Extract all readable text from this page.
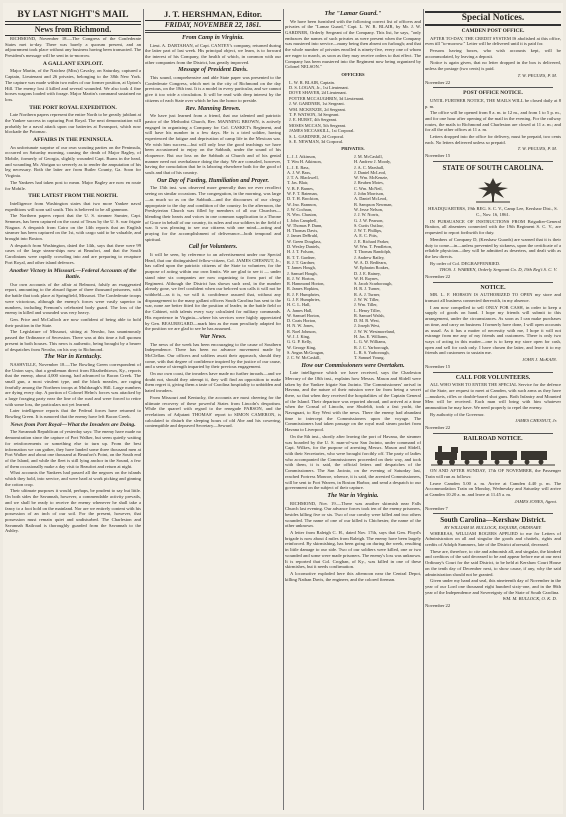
BY LAST NIGHT'S MAIL
News from Richmond.

RICHMOND, November 18.—The Congress of the Confederate States met to-day. There was barely a quorum present, and an adjournment took place without any business having been transacted. The President's message will be sent in to-morrow.

A GALLANT EXPLOIT.

Major Martin, of the Natchez (Miss) Cavalry, on Saturday, captured a Captain, Lieutenant and 26 privates, belonging to the 38th New York. The capture was made within two miles of our former position, at Upton's Hill. The enemy lost 4 killed and several wounded. We also took 4 fine horses wagons loaded with forage. Major Martin's command sustained no loss.

THE PORT ROYAL EXPEDITION.

Late Northern papers represent the entire North to be greatly jubilant at the Yankee success in capturing Port Royal. The next demonstration will probably be a naval attack upon our batteries at Evansport, which now blockade the Potomac.

AFFAIRS IN THE PENINSULA.

An unfortunate surprise of our own scouting parties on the Peninsula, occurred on Saturday morning, causing the death of Major Bagley, of Mobile, formerly of Georgia, slightly wounded Capt. Burns in the head, and wounding Mr. Abrigan so severely as to render the amputation of his leg necessary. Both the latter are from Butler County, Ga. Soon for Virginia.

The Yankees had taken post to mean. Major Bagley are now en route for Mobile.

THE LATEST FROM THE NORTH.

Intelligence from Washington states that two more Yankee naval expeditions will soon sail south. This is believed to be all gammon.

The Northern papers report that the U. S. steamer Sumter, Capt. Semmes, has been captured on the coast of Texas by the U. S. war frigate Niagara. A despatch from Cairo on the 14th reports that an English steamer has been captured on the 1st, with cargo said to be valuable, and brought into Boston.

A despatch from Washington, dated the 14th, says that there were 99 cases of the large steam-ships now at Beaufort, and that the South Carolinians were rapidly crowding into and are preparing to recapture Port Royal, and other island defences.

Another Victory in Missouri.—Federal Accounts of the Battle.

Our own accounts of the affair at Belmont, falsify an exaggerated report, amounting to the absurd figure of three thousand prisoners, with the battle that took place at Springfield, Missouri. The Confederate troops were victorious, although the enemy's forces were vastly superior in numbers, including Fremont's celebrated body guard. The loss of the enemy in killed and wounded was very heavy.

Gen. Price and McCulloch are now confident of being able to hold their position in the State.

The Legislature of Missouri, sitting at Neosho, has unanimously passed the Ordinance of Secession. There was at this time a full quorum present in both houses. This news is authentic, being brought by a bearer of despatches from Neosho, on his way to Richmond.

The War in Kentucky.

NASHVILLE, November 18.—The Bowling Green correspondent of the Union says, that a gentleman direct from Elizabethtown, Ky., reports that the enemy, about 4,000 strong, had advanced to Bacon Creek. The small gun, a most virulent type, and the black measles, are raging fearfully among the Northern troops at Muldraugh's Hill. Large numbers are dying every day. A portion of Colonel Helm's forces was attacked by a large foraging party near the line of the road and were forced to retire with some loss, the particulars not yet learned.

Later intelligence reports that the Federal forces have returned to Bowling Green. It is rumored that the enemy have left Bacon Creek.

News from Port Royal—What the Invaders are Doing.

The Savannah Republican of yesterday says: The enemy have made no demonstration since the capture of Port Walker, but seem quietly waiting for reinforcements or something else to turn up. From the best information we can gather, they have landed some three thousand men at Port Walker and about one thousand at Beaufort's Point, on the South end of the Island, and while the fleet is still lying anchor in the Sound, a few of them occasionally make a day visit to Beaufort and return at night.

What accounts the Yankees had passed all the negroes on the islands which they hold, into service, and were hard at work picking and ginning the cotton crop.

Their ultimate purposes it would, perhaps, be prudent to say but little. On both sides the Savannah, however, a commendable activity prevails, and we shall be ready to receive the enemy whenever he shall take a fancy to a foot hold on the mainland. Nor are we entirely content with his possession of an inch of our soil. For the present, however, that possession must remain quiet and undisturbed. The Charleston and Savannah Railroad is thoroughly guarded from the Savannah to the Ashley.

J. T. HERSHMAN, Editor.
FRIDAY, NOVEMBER 22, 1861.
From Camp in Virginia.

Lieut. A. DARTAHAN, of Capt. CANTEY's company, returned during the latter part of last week. His principal object, we learn, is to forward the interest of his Company, the health of which, in common with our other companies from the District, has greatly improved.

Message of President Davis.

This sound, comprehensive and able State paper was presented to the Confederate Congress, which met in the city of Richmond on the day previous, on the 18th inst. It is a model in every particular, and we cannot give it too wide a circulation. It will be read with deep interest by the citizens of each State over which he has the honor to preside.

Rev. Manning Brown.

We have just learned from a friend, that our talented and patriotic pastor of the Methodist Church, Rev. MANNING BROWN, is actively engaged in organizing a Company for Col. CASKET's Regiment, and will have his number in a few days. He is a tried soldier, having experienced the fatigue and deprivation of camp life in the Mexican war. We wish him success—but will only lose the good teachings we have been accustomed to enjoy on the Sabbath, under the sound of his eloquence. But our loss on the Sabbath at Church and of his genial manner need not overbalance doing the duty. We are consoled, however, having the consolation that he is laboring elsewhere both for the good of souls and that of his country.

Our Day of Fasting, Humiliation and Prayer.

The 15th inst. was observed more generally than we ever recollect seeing on similar occasions. The congregation, in the morning, was large—as much so as on the Sabbath—and the discourses of our clergy appropriate to the day and condition of the country. In the afternoon, the Presbyterian Church was filled by members of all our Churches—blending their hearts and voices in one common supplication to a Throne of Grace in behalf of our country, its rulers and our soldiers in the field of war. It was pleasing to see our citizens with one mind—acting and praying for the accomplishment of deliverance—both temporal and spiritual.

Call for Volunteers.

It will be seen, by reference to an advertisement under our Special Head, that our distinguished fellow-citizen, Col. JAMES CHESNUT, Jr., has called upon the patriotic citizens of the State to volunteer, for the purpose of acting within our own limits. We are glad to see it — under stand nine six companies are now organizing to form part of the Regiment. Although the District has shown such zeal, in the number already gone, we feel confident when our beloved son calls it will not be withheld—as it is, we will it. confidence assured that, without any disparagement to the many gallant officers South Carolina has sent to the war, none are better fitted for the position of leader, in the battle field or the Cabinet, with talents every way calculated for military commands. His experience in Virginia—where his services were highly appreciated by Gen. BEAUREGARD—mark him as the man peculiarly adapted for the position we are glad to see he has assumed.

War News.

The news of the week has been encouraging to the cause of Southern Independence. There has been no advance movement made by McClellan. Our officers and soldiers await their approach, should they come, with that degree of confidence inspired by the justice of our cause, and a sense of strength imparted by their previous engagement.

On our own coast, the invaders have made no further inroads—and we doubt not, should they attempt it, they will find an opposition to make them regret it, giving them a taste of Carolina hospitality to unbidden and hated invaders.

From Missouri and Kentucky, the accounts are most cheering for the ultimate recovery of these powerful States from Lincoln's despotism. While the quarrel with regard to the renegade PARSON, and the revelations of Adjutant THOMAS' report to SIMON CAMERON, is calculated to disturb the sleeping hours of old Abe and his cowering, contemptible and depraved Secretary—Seward.

The "Lamar Guard."

We have been furnished with the following correct list of officers and privates of the "Lamar Guard," Capt. L. W. R. BLAIR, by Mr. J. W. GARDNER, Orderly Sergeant of the Company. This list, he says, "only embraces the names of such privates as were present when the Company was mustered into service—many being then absent on furlough; and that the whole number of privates enrolled is ninety-five, every one of whom are eager to march, as soon as they may receive orders to that effect. The Company has been mustered into the Regiment now being organized by Colonel NELSON."

OFFICERS
L. W. R. BLAIR, Captain.
D. S. LOGAN, Jr., 1st Lieutenant.
DOVE SHAVER, 2d Lieutenant.
POTTER MCCAUGHRIN, 3d Lieutenant.
J. W. GARDNER, 1st Sergeant.
WM. MCKENZIE, 2d Sergeant.
T. P. WATSON, 3d Sergeant.
J. E. HURST, 4th Sergeant.
MOSES MCCAN, 5th Sergeant.
JAMES MCCASKILL, 1st Corporal.
S. L. GARDNER, 2d Corporal.
S. E. NEWMAN, 3d Corporal.
PRIVATES.
L. J. J. Atkinson,
T. Wm H. Atkinson,
L. J. E. Bass,
A. J. W. Bass,
J. T. A. Blackwell,
T. Jas. Blair,
V. B. F. Barnes,
W. F. T. Bateman,
D. T. H. Brockton,
W. Jno. Brannon,
J. W. Cochran,
N. Wm. Chuston,
I. John Campbell,
W. Thomas P. Dunn,
H. Thomas Davis,
J. James DeBruhl,
W. Green Douglass,
D. Wesley Daniels,
H. J. T. Folsom,
R. T. T. Gardner,
R. J. T. Gardner,
T. James Hough,
J. Samuel Hough,
R. J. W. Horton,
R. Hammond Horton,
R. James Hopkins,
R. J. F. Humphries,
G. J. F. Humphries,
H. C. L. Hall,
A. James Hall,
W. Samuel Horton,
D. Coats Horton,
H. N. W. Jones,
R. Noel Johnson,
W. J. J. King,
G. G. P. Kelly,
W. George King,
S. Angus McGougan,
J. C. W. McCaskill,
J. M. McCaskill,
H. Andrew J. Moody,
J. A. C. Marshall,
J. Daniel McLeod,
W. Wm. McKenzie,
J. Reuben Motes,
C. Wm. McNeil,
J. John Morrison,
A. Daniel McLeod,
B. Sampson Newman,
W. Jesse Nelson,
J. J. W. Norris,
G. J. W. Pearson,
S. Curtis Outlaw,
J. W. T. Phillips,
A. E. C. Pitts,
J. E. Richard Parker,
W. Wm. T. Pendleton,
T. Thomas Randolph,
J. Andrew Ratley,
W. A. D. Redfearn,
W. Ephraim Roakes,
D. J. E. Rainey,
W. H. Raynes,
S. Jacob Scarborough,
H. R. J. Turner,
R. A. J. Turner,
J. W. W. Tiller,
J. Wm. Tiller,
L. Henry Tiller,
R. Samuel Walsh,
D. M. B. West,
J. Joseph West,
J. W. W. Westmoreland,
H. Jas. E. Williams,
L. G. W. Williams,
R. J. C. Yarborough,
L. R. S. Yarborough,
T. Samuel Young.
How our Commissioners were Overtaken.

Late intelligence which we have received, says the Charleston Mercury of the 18th inst., explains how Messrs. Mason and Slidell were taken by the Yankee frigate San Jacinto. The Commissioners' arrival in Havana, and the nature of their mission were far from being a secret there, so that when they received the hospitalities of the Captain General of the Island. Their departure was reported abroad, and arrived at a time when the Consul of Lincoln, one Shufeldt, took a fast yacht, the Navaguari, to Key West with the news. There the enemy had abundant time to intercept the Commissioners upon the voyage. The Commissioners had taken passage on the royal mail steam packet from Havana to Liverpool.

On the 8th inst., shortly after leaving the port of Havana, the steamer was boarded by the U. S. man-of-war San Jacinto, under command of Capt. Wilkes, for the purpose of arresting Messrs. Mason and Slidell, with their Secretaries, who were brought forcibly off. The party of ladies who accompanied the Commissioners proceeded on their way, and took with them, it is said, the official letters and despatches of the Commissioners. The San Jacinto, on the evening of Saturday last, reached Fortress Monroe, whence, it is said, the arrested Commissioners, will be sent to Fort Warren, in Boston Harbor, and send a despatch to our government on the subject of their capture.

The War in Virginia.

RICHMOND, Nov. 19.—There was another skirmish near Falls Church last evening. Our advance forces took ten of the enemy prisoners, besides killing five or six. Two of our cavalry were killed and two others wounded. The name of one of our killed is Chichester, the name of the other unknown.

A letter from Raleigh C. H., dated Nov. 17th, says that Gen. Floyd's brigade is now about 4 miles from Raleigh. The enemy have been largely reinforced. By skirmishing, has been going on during the week, resulting in little damage to our side. Two of our soldiers were killed, one or two wounded and some were made prisoners. The enemy's loss was unknown. It is reported that Col. Croghan, of Ky., was killed in one of these skirmishes, but it needs confirmation.

A locomotive exploded here this afternoon near the Central Depot, killing Nathan Davis, the engineer, and the colored fireman.

Special Notices.
CAMDEN POST OFFICE.

AFTER TO-DAY, THE CREDIT SYSTEM IS abolished at this office, even till "to-morrow." Letter will be delivered until it is paid for.

Persons having boxes, who wish accounts kept, will be accommodated, by leaving a deposit.

Notice is again given, that no letter dropped in the box is delivered, unless the postage (two cents) is paid.

T. W. PEGUES, P. M.

November 22

POST OFFICE NOTICE.

UNTIL FURTHER NOTICE, THE MAILS WILL be closed daily at 8 p. m.

The office will be opened from 8 a. m. to 12 m., and from 1 to 5 p. m., and for one hour after opening of the mail in the evening. For the railway routes, the mails to Richmond and Charleston are closed at 11 a. m.; and for all the other offices at 11 a. m.

Letters dropped into the office for delivery, must be prepaid, two cents each. No letters delivered unless so prepaid.

T. W. PEGUES, P. M.

November 15

STATE OF SOUTH CAROLINA.

HEADQUARTERS, 19th REG. S. C. V., Camp Lee, Kershaw Dist., S. C., Nov. 16, 1861.

IN PURSUANCE OF INSTRUCTIONS FROM Brigadier-General Bratton, all absentees connected with the 19th Regiment S. C. V., are requested to report forthwith for duty.

Members of Company D, (Kershaw Guards) are warned that it is their duty to come—in—unless prevented by sickness, upon the certificate of a reliable physician—they will be admitted as deserters, and dealt with as the law directs.

By order of Col. DEGRAFFENRIED.

THOS. J. WARREN, Orderly Sergeant Co. D, 19th Reg't S. C. V.

November 22

NOTICE.

MR. L. F. HOBSON IS AUTHORIZED TO OPEN my store and transact all business connected therewith, in my absence.

I am now compelled to sell ONLY FOR CASH, in order to keep a supply of goods on hand. I hope my friends will submit to this arrangement, under the circumstances. As soon as I can make purchases on time, and carry on business I formerly have done, I will open accounts as usual. As it has a matter of necessity with me, I hope it will not estrange from me any of my friends and customers. There is only two ways of acting in this matter—one is to keep my store open for cash, open and sell for cash only. I have chosen the latter, and leave it to my friends and customers to sustain me.

JOHN J. McKAIN.

November 15

CALL FOR VOLUNTEERS.

ALL WHO WISH TO ENTER THE SPECIAL Service for the defence of the State, are request to meet at Camden, with such arms as they have—muskets, rifles or double-barrel shot guns. Both Infantry and Mounted Men will be received. Each man will bring with him whatever ammunition he may have. We need properly to repel the enemy.

By authority of the Governor.

JAMES CHESNUT, Jr.

November 22

RAILROAD NOTICE.

ON AND AFTER SUNDAY, 17th OF NOVEMBER, the Passenger Train will run as follows:

Leave Camden 5.00 a. m. Arrive at Camden 4.40 p. m. The Accommodation Train on Monday, Wednesday and Saturday will arrive at Camden 10.20 a. m. and leave at 11.45 a. m.

JAMES JONES, Agent.

November 7

South Carolina—Kershaw District.
BY WILLIAM M. BULLOCK, ESQUIRE, ORDINARY.

WHEREAS, WILLIAM ROGERS APPLIED to me for Letters of Administration on all and singular the goods and chattels, rights and credits of Adolph Summers, late of the District aforesaid, deceased.

These are, therefore, to cite and admonish all, and singular, the kindred and creditors of the said deceased to be and appear before me at our next Ordinary's Court for the said District, to be held at Kershaw Court House on the tenth day of December next, to show cause, if any, why the said administration should not be granted.

Given under my hand and seal, this nineteenth day of November in the year of our Lord one thousand eight hundred sixty-one, and in the 86th year of the Independence and Sovereignty of the State of South Carolina.

WM. M. BULLOCK, O. K. D.

November 22
